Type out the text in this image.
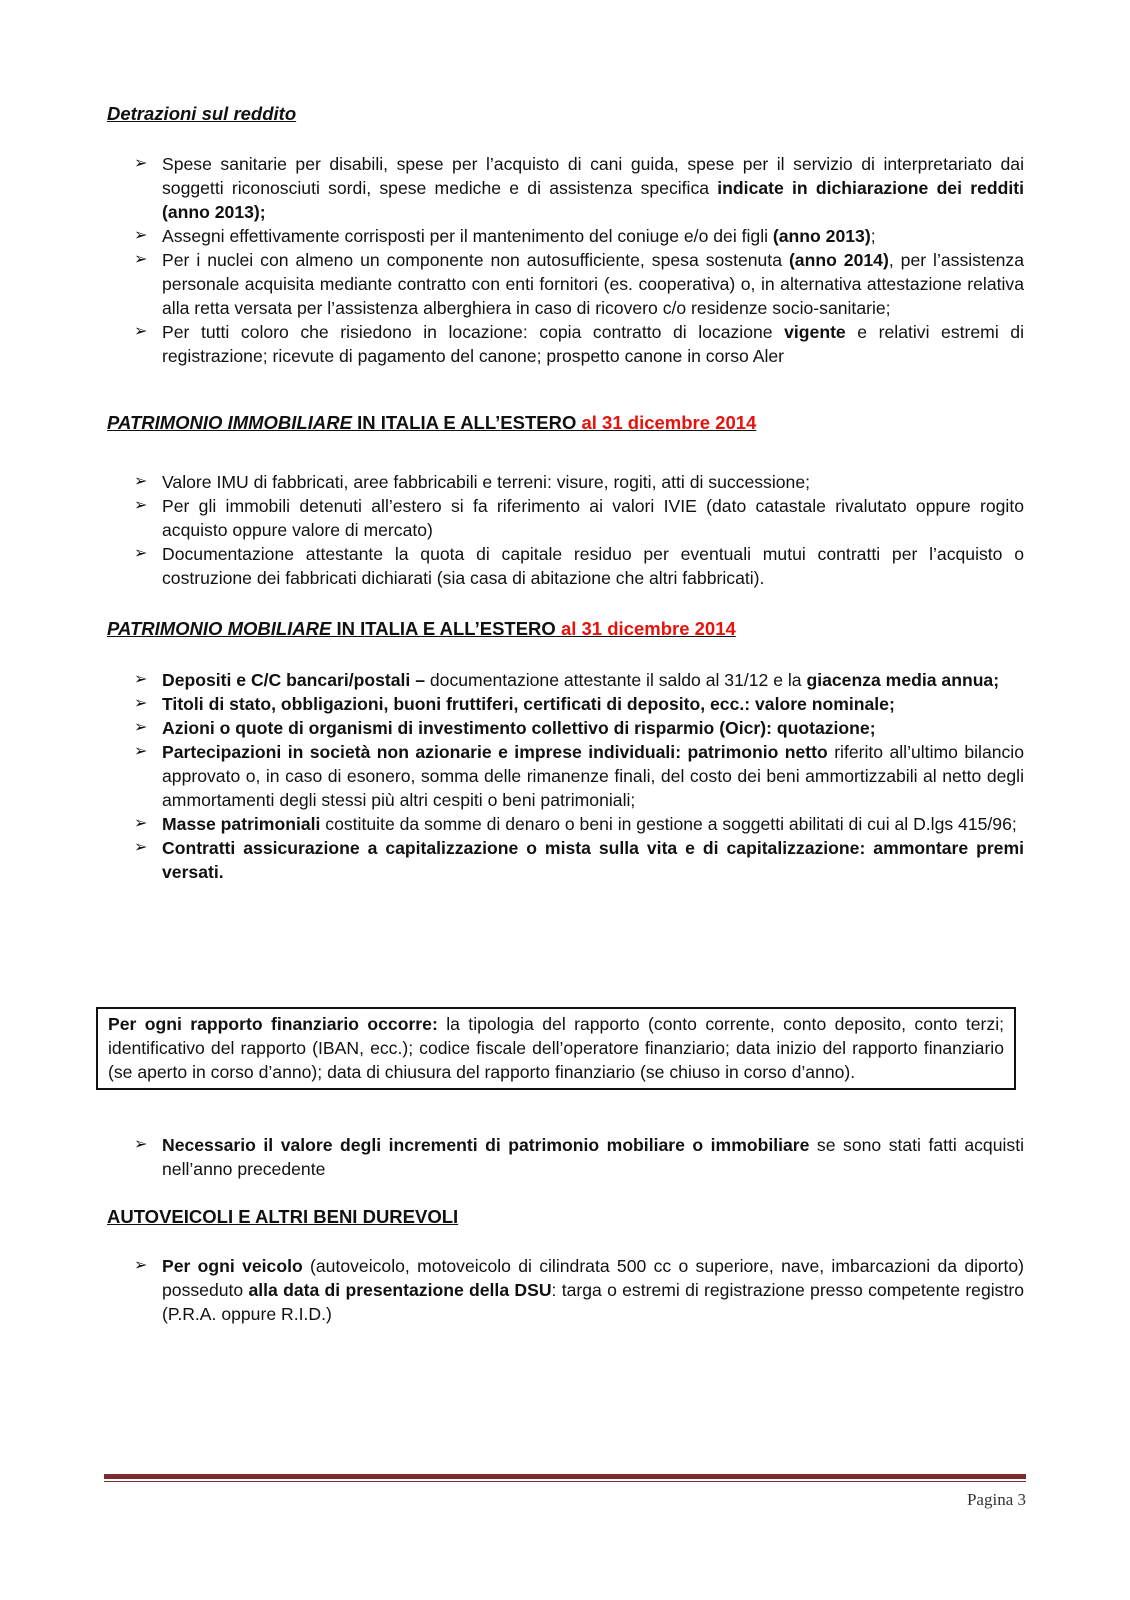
Detrazioni sul reddito
➢ Spese sanitarie per disabili, spese per l’acquisto di cani guida, spese per il servizio di interpretariato dai soggetti riconosciuti sordi, spese mediche e di assistenza specifica indicate in dichiarazione dei redditi (anno 2013);
➢ Assegni effettivamente corrisposti per il mantenimento del coniuge e/o dei figli (anno 2013);
➢ Per i nuclei con almeno un componente non autosufficiente, spesa sostenuta (anno 2014), per l’assistenza personale acquisita mediante contratto con enti fornitori (es. cooperativa) o, in alternativa attestazione relativa alla retta versata per l’assistenza alberghiera in caso di ricovero c/o residenze socio-sanitarie;
➢ Per tutti coloro che risiedono in locazione: copia contratto di locazione vigente e relativi estremi di registrazione; ricevute di pagamento del canone; prospetto canone in corso Aler
PATRIMONIO IMMOBILIARE IN ITALIA E ALL’ESTERO al 31 dicembre 2014
➢ Valore IMU di fabbricati, aree fabbricabili e terreni: visure, rogiti, atti di successione;
➢ Per gli immobili detenuti all’estero si fa riferimento ai valori IVIE (dato catastale rivalutato oppure rogito acquisto oppure valore di mercato)
➢ Documentazione attestante la quota di capitale residuo per eventuali mutui contratti per l’acquisto o costruzione dei fabbricati dichiarati (sia casa di abitazione che altri fabbricati).
PATRIMONIO MOBILIARE IN ITALIA E ALL’ESTERO al 31 dicembre 2014
➢ Depositi e C/C bancari/postali – documentazione attestante il saldo al 31/12 e la giacenza media annua;
➢ Titoli di stato, obbligazioni, buoni fruttiferi, certificati di deposito, ecc.: valore nominale;
➢ Azioni o quote di organismi di investimento collettivo di risparmio (Oicr): quotazione;
➢ Partecipazioni in società non azionarie e imprese individuali: patrimonio netto riferito all’ultimo bilancio approvato o, in caso di esonero, somma delle rimanenze finali, del costo dei beni ammortizzabili al netto degli ammortamenti degli stessi più altri cespiti o beni patrimoniali;
➢ Masse patrimoniali costituite da somme di denaro o beni in gestione a soggetti abilitati di cui al D.lgs 415/96;
➢ Contratti assicurazione a capitalizzazione o mista sulla vita e di capitalizzazione: ammontare premi versati.
Per ogni rapporto finanziario occorre: la tipologia del rapporto (conto corrente, conto deposito, conto terzi; identificativo del rapporto (IBAN, ecc.); codice fiscale dell’operatore finanziario; data inizio del rapporto finanziario (se aperto in corso d’anno); data di chiusura del rapporto finanziario (se chiuso in corso d’anno).
➢ Necessario il valore degli incrementi di patrimonio mobiliare o immobiliare se sono stati fatti acquisti nell’anno precedente
AUTOVEICOLI E ALTRI BENI DUREVOLI
➢ Per ogni veicolo (autoveicolo, motoveicolo di cilindrata 500 cc o superiore, nave, imbarcazioni da diporto) posseduto alla data di presentazione della DSU: targa o estremi di registrazione presso competente registro (P.R.A. oppure R.I.D.)
Pagina 3
